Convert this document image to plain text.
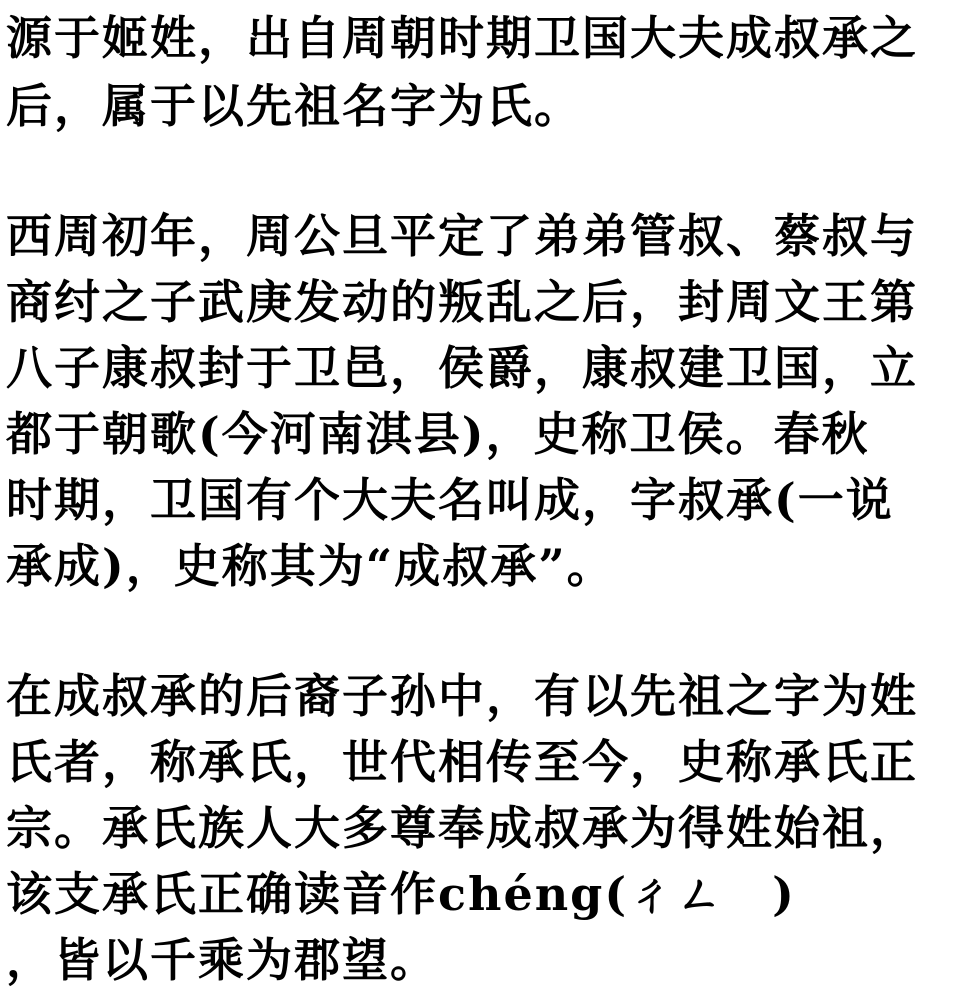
源于姬姓，出自周朝时期卫国大夫成叔承之
后，属于以先祖名字为氏。
西周初年，周公旦平定了弟弟管叔、蔡叔与
商纣之子武庚发动的叛乱之后，封周文王第
八子康叔封于卫邑，侯爵，康叔建卫国，立
都于朝歌(今河南淇县)，史称卫侯。春秋
时期，卫国有个大夫名叫成，字叔承(一说
承成)，史称其为“成叔承”。
在成叔承的后裔子孙中，有以先祖之字为姓
氏者，称承氏，世代相传至今，史称承氏正
宗。承氏族人大多尊奉成叔承为得姓始祖，
该支承氏正确读音作chéng(ㄔㄥ　)
，皆以千乘为郡望。
